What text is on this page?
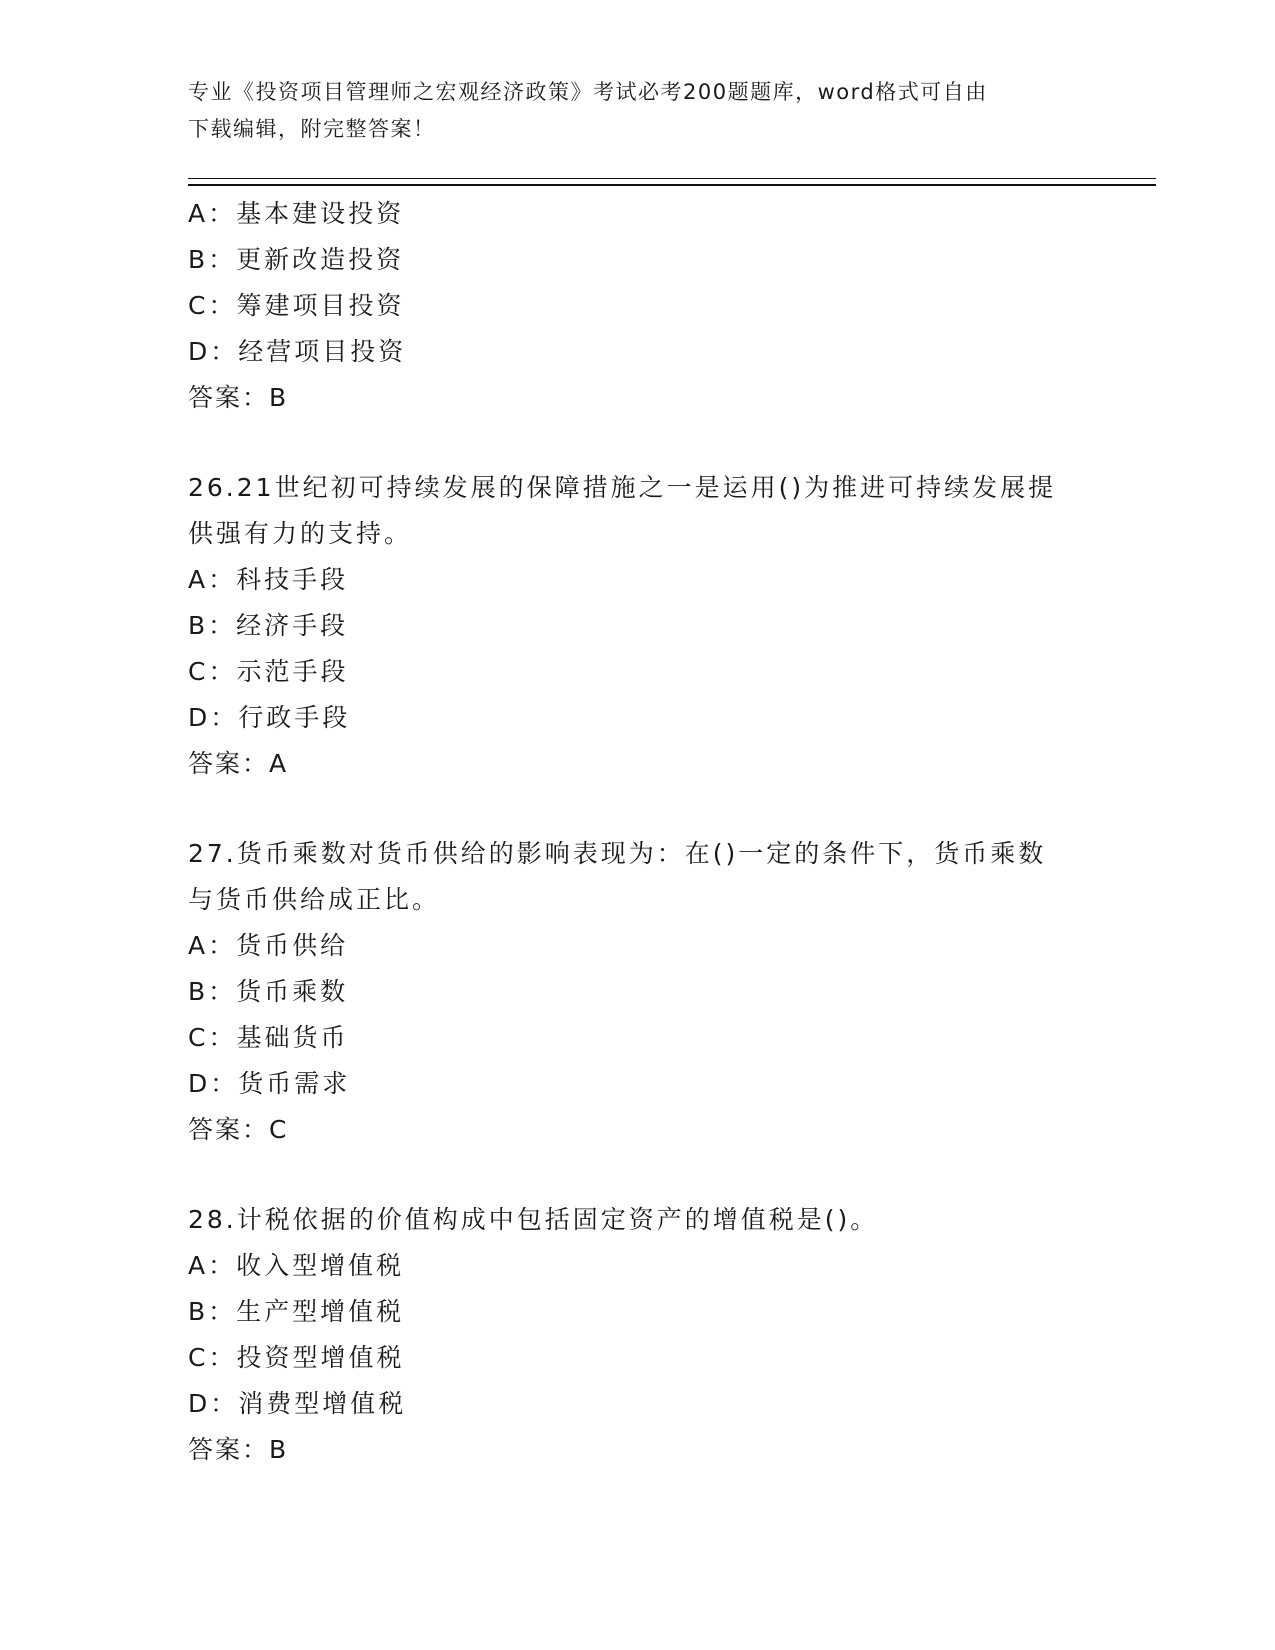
专业《投资项目管理师之宏观经济政策》考试必考200题题库，word格式可自由
下载编辑，附完整答案！
A：基本建设投资
B：更新改造投资
C：筹建项目投资
D：经营项目投资
答案：B
26.21世纪初可持续发展的保障措施之一是运用()为推进可持续发展提
供强有力的支持。
A：科技手段
B：经济手段
C：示范手段
D：行政手段
答案：A
27.货币乘数对货币供给的影响表现为：在()一定的条件下，货币乘数
与货币供给成正比。
A：货币供给
B：货币乘数
C：基础货币
D：货币需求
答案：C
28.计税依据的价值构成中包括固定资产的增值税是()。
A：收入型增值税
B：生产型增值税
C：投资型增值税
D：消费型增值税
答案：B
